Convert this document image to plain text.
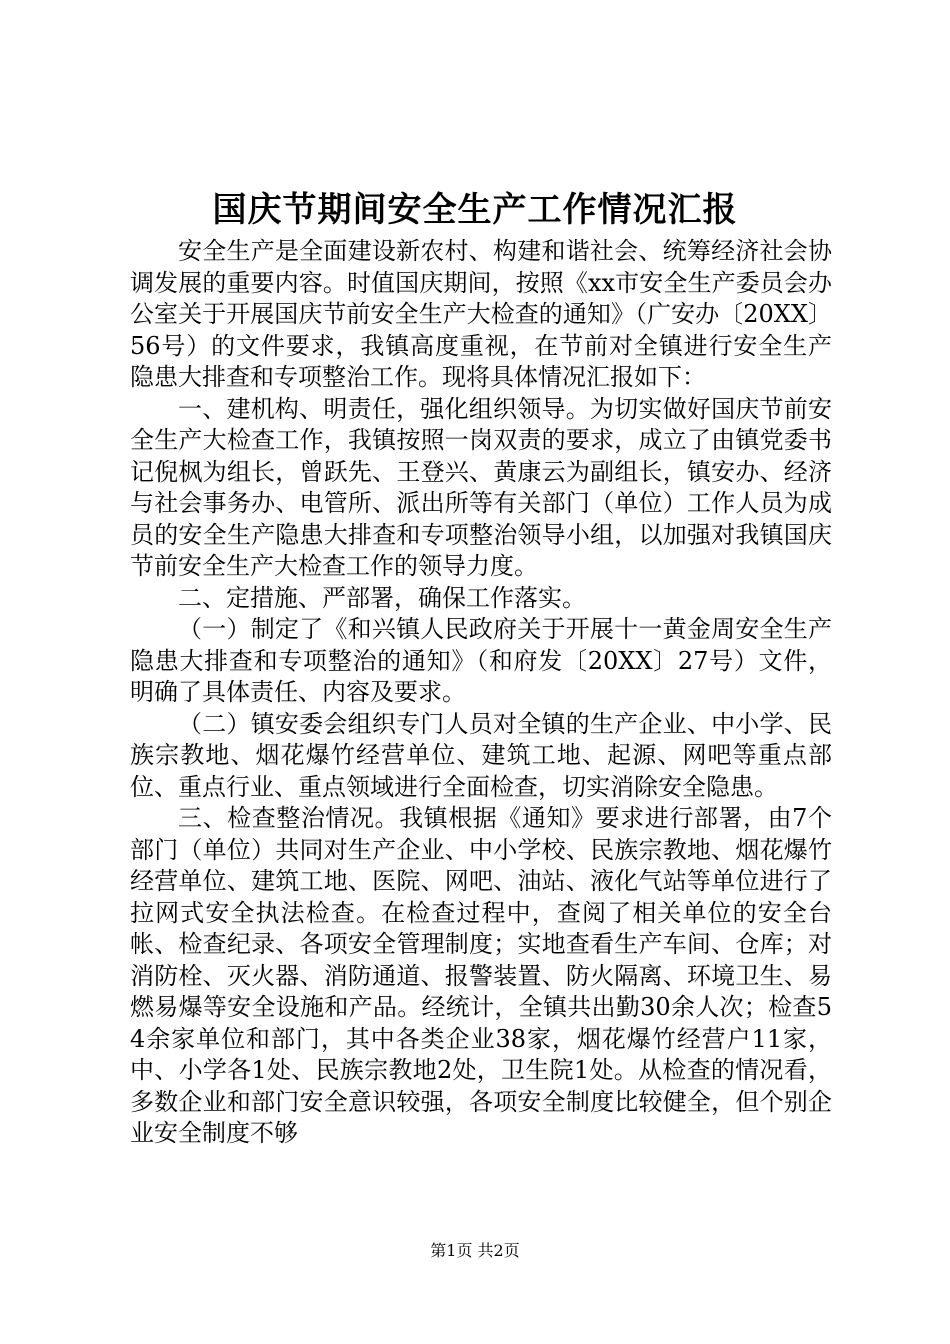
国庆节期间安全生产工作情况汇报

安全生产是全面建设新农村、构建和谐社会、统筹经济社会协调发展的重要内容。时值国庆期间，按照《xx市安全生产委员会办公室关于开展国庆节前安全生产大检查的通知》（广安办〔20XX〕56号）的文件要求，我镇高度重视，在节前对全镇进行安全生产隐患大排查和专项整治工作。现将具体情况汇报如下：

一、建机构、明责任，强化组织领导。为切实做好国庆节前安全生产大检查工作，我镇按照一岗双责的要求，成立了由镇党委书记倪枫为组长，曾跃先、王登兴、黄康云为副组长，镇安办、经济与社会事务办、电管所、派出所等有关部门（单位）工作人员为成员的安全生产隐患大排查和专项整治领导小组，以加强对我镇国庆节前安全生产大检查工作的领导力度。

二、定措施、严部署，确保工作落实。

（一）制定了《和兴镇人民政府关于开展十一黄金周安全生产隐患大排查和专项整治的通知》（和府发〔20XX〕27号）文件，明确了具体责任、内容及要求。

（二）镇安委会组织专门人员对全镇的生产企业、中小学、民族宗教地、烟花爆竹经营单位、建筑工地、起源、网吧等重点部位、重点行业、重点领域进行全面检查，切实消除安全隐患。

三、检查整治情况。我镇根据《通知》要求进行部署，由7个部门（单位）共同对生产企业、中小学校、民族宗教地、烟花爆竹经营单位、建筑工地、医院、网吧、油站、液化气站等单位进行了拉网式安全执法检查。在检查过程中，查阅了相关单位的安全台帐、检查纪录、各项安全管理制度；实地查看生产车间、仓库；对消防栓、灭火器、消防通道、报警装置、防火隔离、环境卫生、易燃易爆等安全设施和产品。经统计，全镇共出勤30余人次；检查54余家单位和部门，其中各类企业38家，烟花爆竹经营户11家，中、小学各1处、民族宗教地2处，卫生院1处。从检查的情况看，多数企业和部门安全意识较强，各项安全制度比较健全，但个别企业安全制度不够

第1页 共2页
